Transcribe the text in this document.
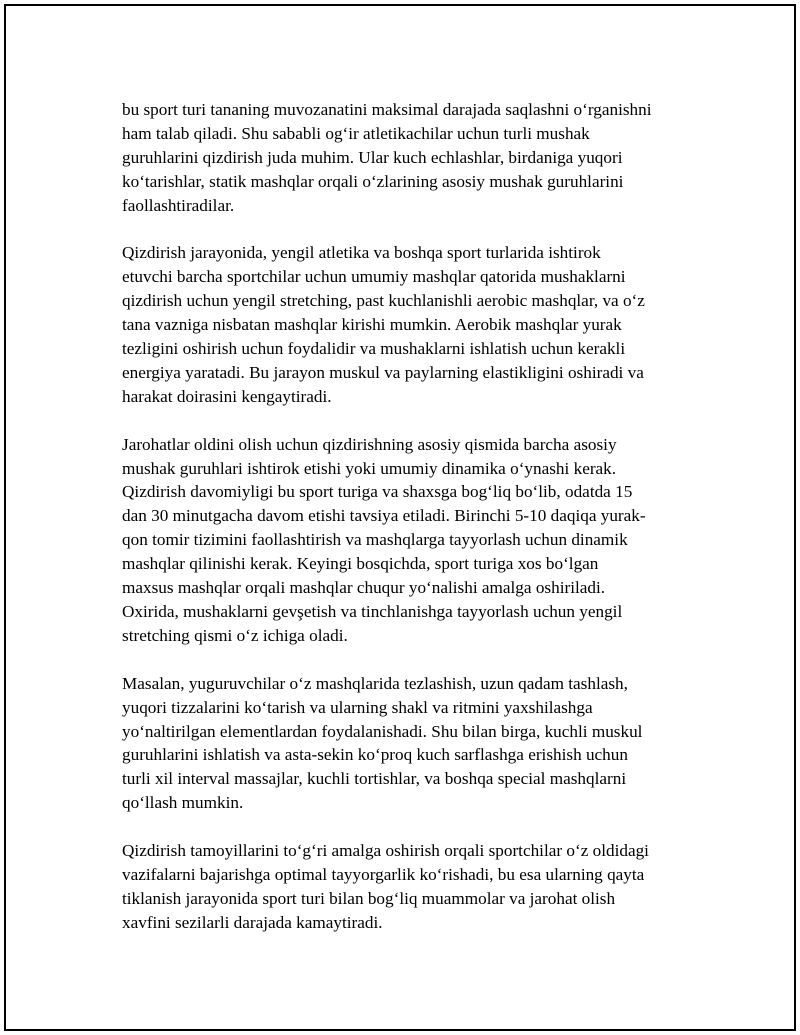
bu sport turi tananing muvozanatini maksimal darajada saqlashni o‘rganishni
ham talab qiladi. Shu sababli og‘ir atletikachilar uchun turli mushak
guruhlarini qizdirish juda muhim. Ular kuch echlashlar, birdaniga yuqori
ko‘tarishlar, statik mashqlar orqali o‘zlarining asosiy mushak guruhlarini
faollashtiradilar.

Qizdirish jarayonida, yengil atletika va boshqa sport turlarida ishtirok
etuvchi barcha sportchilar uchun umumiy mashqlar qatorida mushaklarni
qizdirish uchun yengil stretching, past kuchlanishli aerobic mashqlar, va o‘z
tana vazniga nisbatan mashqlar kirishi mumkin. Aerobik mashqlar yurak
tezligini oshirish uchun foydalidir va mushaklarni ishlatish uchun kerakli
energiya yaratadi. Bu jarayon muskul va paylarning elastikligini oshiradi va
harakat doirasini kengaytiradi.

Jarohatlar oldini olish uchun qizdirishning asosiy qismida barcha asosiy
mushak guruhlari ishtirok etishi yoki umumiy dinamika o‘ynashi kerak.
Qizdirish davomiyligi bu sport turiga va shaxsga bog‘liq bo‘lib, odatda 15
dan 30 minutgacha davom etishi tavsiya etiladi. Birinchi 5-10 daqiqa yurak-
qon tomir tizimini faollashtirish va mashqlarga tayyorlash uchun dinamik
mashqlar qilinishi kerak. Keyingi bosqichda, sport turiga xos bo‘lgan
maxsus mashqlar orqali mashqlar chuqur yo‘nalishi amalga oshiriladi.
Oxirida, mushaklarni gevşetish va tinchlanishga tayyorlash uchun yengil
stretching qismi o‘z ichiga oladi.

Masalan, yuguruvchilar o‘z mashqlarida tezlashish, uzun qadam tashlash,
yuqori tizzalarini ko‘tarish va ularning shakl va ritmini yaxshilashga
yo‘naltirilgan elementlardan foydalanishadi. Shu bilan birga, kuchli muskul
guruhlarini ishlatish va asta-sekin ko‘proq kuch sarflashga erishish uchun
turli xil interval massajlar, kuchli tortishlar, va boshqa special mashqlarni
qo‘llash mumkin.

Qizdirish tamoyillarini to‘g‘ri amalga oshirish orqali sportchilar o‘z oldidagi
vazifalarni bajarishga optimal tayyorgarlik ko‘rishadi, bu esa ularning qayta
tiklanish jarayonida sport turi bilan bog‘liq muammolar va jarohat olish
xavfini sezilarli darajada kamaytiradi.
